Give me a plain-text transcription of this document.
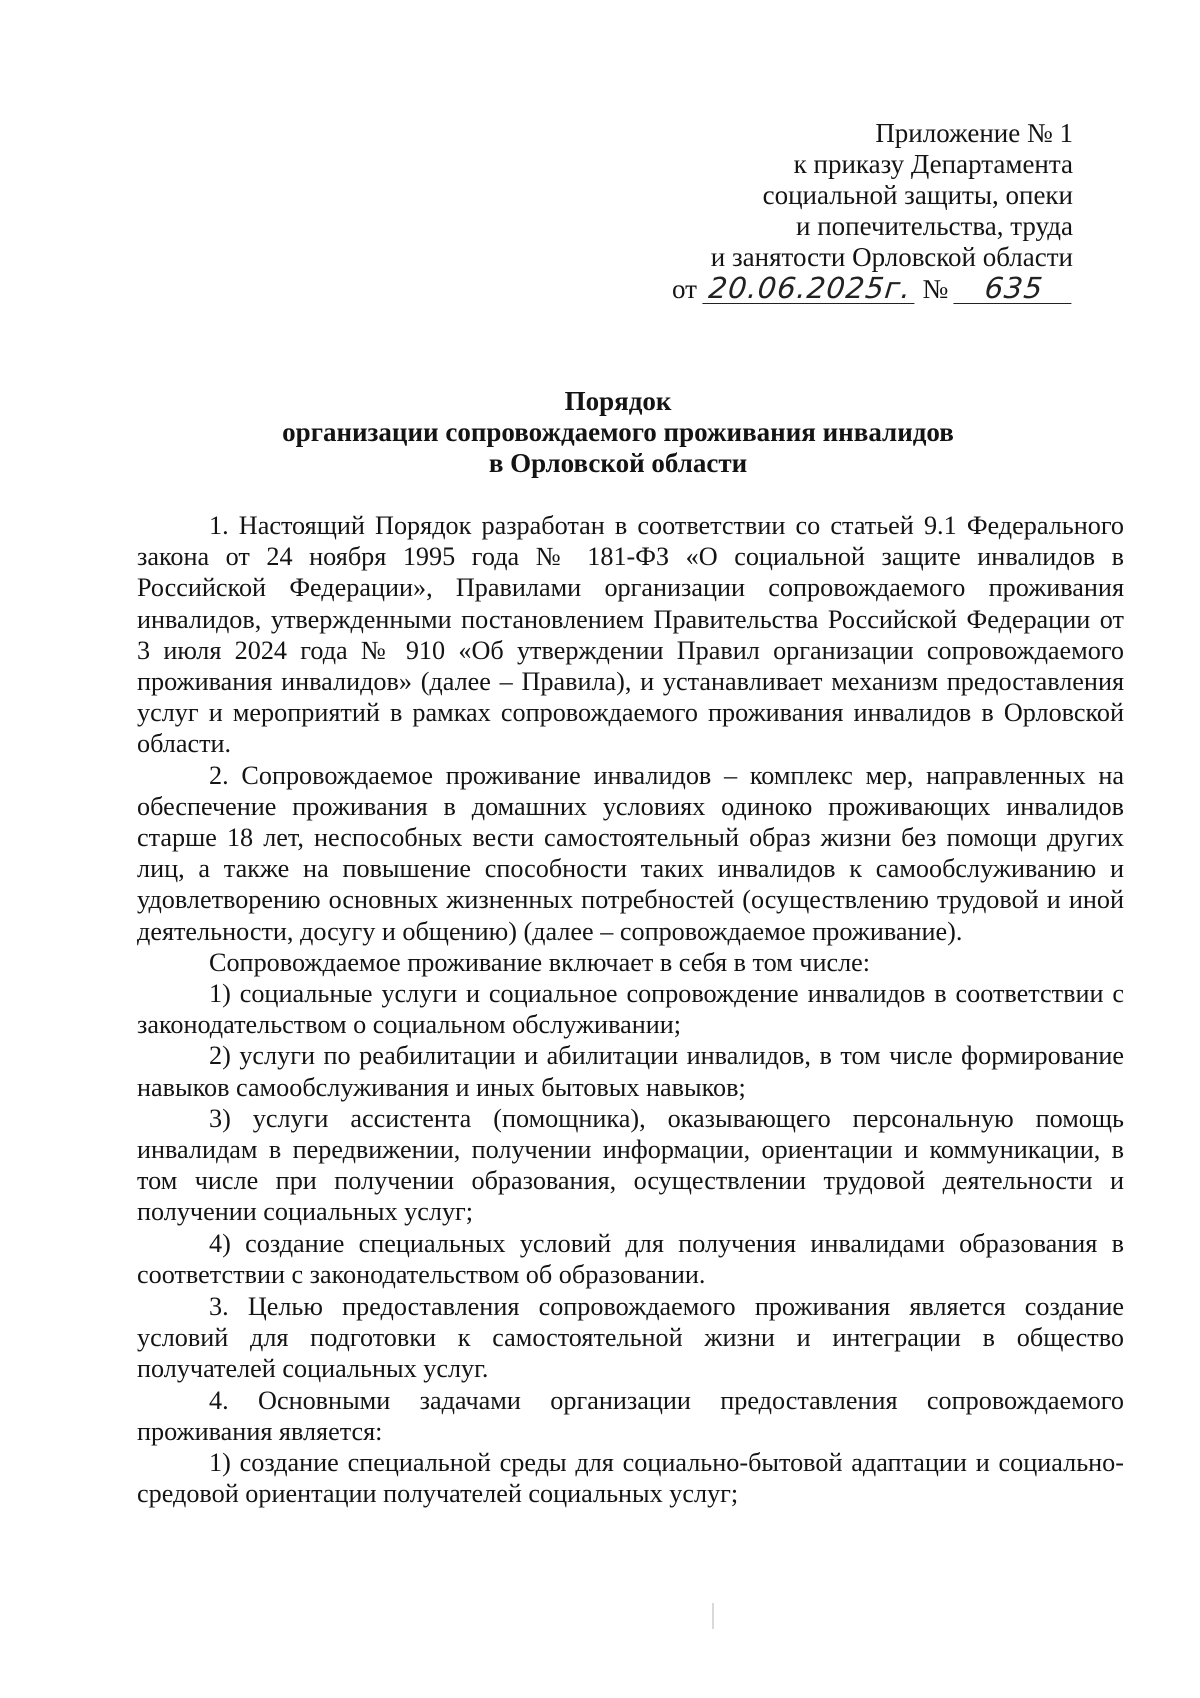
Приложение № 1
к приказу Департамента
социальной защиты, опеки
и попечительства, труда
и занятости Орловской области
от 20.06.2025г. № 635
Порядок
организации сопровождаемого проживания инвалидов
в Орловской области
1. Настоящий Порядок разработан в соответствии со статьей 9.1 Федерального закона от 24 ноября 1995 года № 181-ФЗ «О социальной защите инвалидов в Российской Федерации», Правилами организации сопровождаемого проживания инвалидов, утвержденными постановлением Правительства Российской Федерации от 3 июля 2024 года № 910 «Об утверждении Правил организации сопровождаемого проживания инвалидов» (далее – Правила), и устанавливает механизм предоставления услуг и мероприятий в рамках сопровождаемого проживания инвалидов в Орловской области.
2. Сопровождаемое проживание инвалидов – комплекс мер, направленных на обеспечение проживания в домашних условиях одиноко проживающих инвалидов старше 18 лет, неспособных вести самостоятельный образ жизни без помощи других лиц, а также на повышение способности таких инвалидов к самообслуживанию и удовлетворению основных жизненных потребностей (осуществлению трудовой и иной деятельности, досугу и общению) (далее – сопровождаемое проживание).
Сопровождаемое проживание включает в себя в том числе:
1) социальные услуги и социальное сопровождение инвалидов в соответствии с законодательством о социальном обслуживании;
2) услуги по реабилитации и абилитации инвалидов, в том числе формирование навыков самообслуживания и иных бытовых навыков;
3) услуги ассистента (помощника), оказывающего персональную помощь инвалидам в передвижении, получении информации, ориентации и коммуникации, в том числе при получении образования, осуществлении трудовой деятельности и получении социальных услуг;
4) создание специальных условий для получения инвалидами образования в соответствии с законодательством об образовании.
3. Целью предоставления сопровождаемого проживания является создание условий для подготовки к самостоятельной жизни и интеграции в общество получателей социальных услуг.
4. Основными задачами организации предоставления сопровождаемого проживания является:
1) создание специальной среды для социально-бытовой адаптации и социально-средовой ориентации получателей социальных услуг;
